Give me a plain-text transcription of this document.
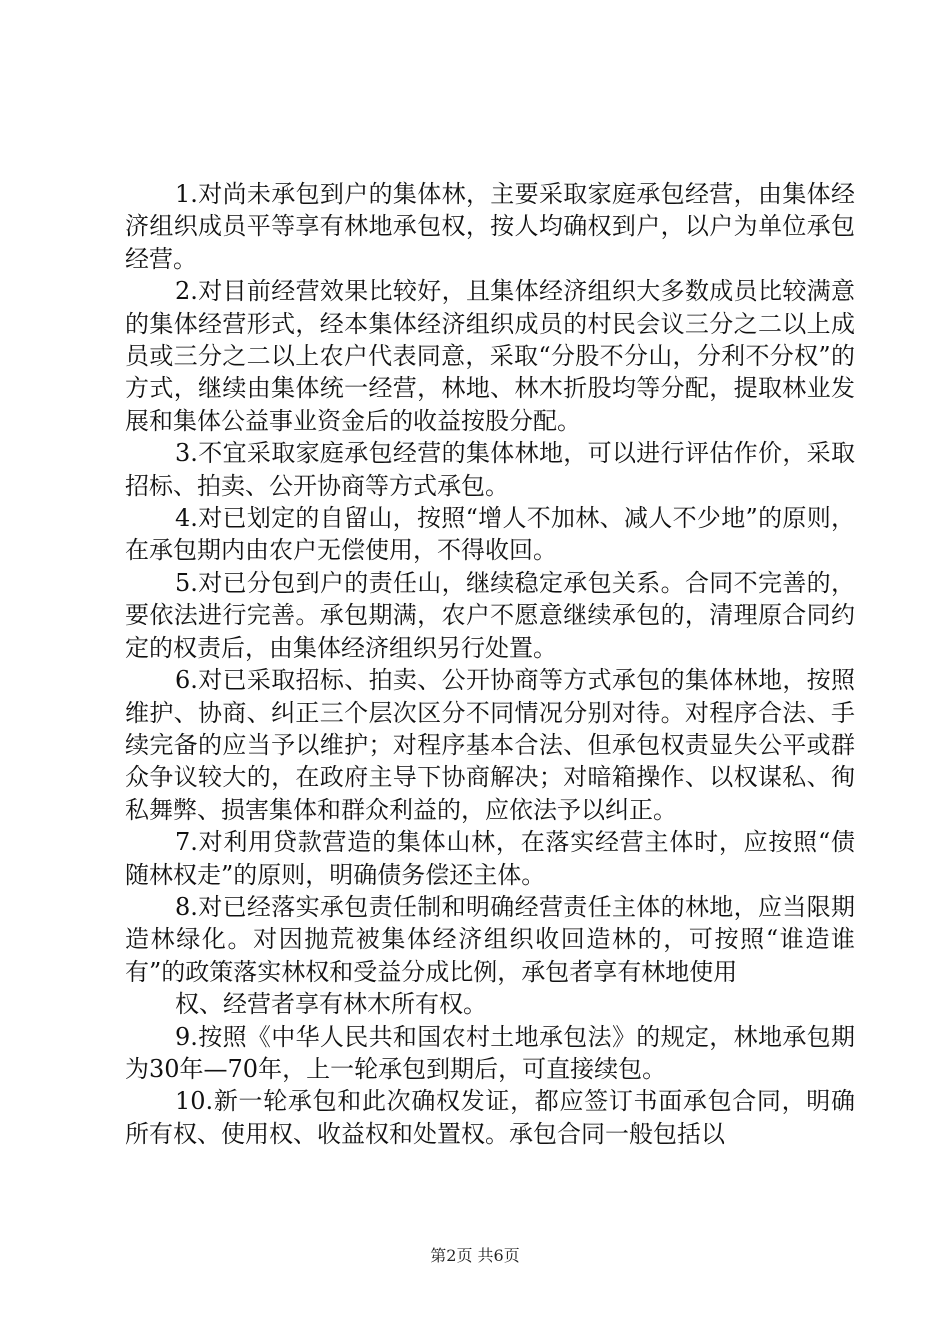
1.对尚未承包到户的集体林，主要采取家庭承包经营，由集体经济组织成员平等享有林地承包权，按人均确权到户，以户为单位承包经营。

2.对目前经营效果比较好，且集体经济组织大多数成员比较满意的集体经营形式，经本集体经济组织成员的村民会议三分之二以上成员或三分之二以上农户代表同意，采取“分股不分山，分利不分权”的方式，继续由集体统一经营，林地、林木折股均等分配，提取林业发展和集体公益事业资金后的收益按股分配。

3.不宜采取家庭承包经营的集体林地，可以进行评估作价，采取招标、拍卖、公开协商等方式承包。

4.对已划定的自留山，按照“增人不加林、减人不少地”的原则，在承包期内由农户无偿使用，不得收回。

5.对已分包到户的责任山，继续稳定承包关系。合同不完善的，要依法进行完善。承包期满，农户不愿意继续承包的，清理原合同约定的权责后，由集体经济组织另行处置。

6.对已采取招标、拍卖、公开协商等方式承包的集体林地，按照维护、协商、纠正三个层次区分不同情况分别对待。对程序合法、手续完备的应当予以维护；对程序基本合法、但承包权责显失公平或群众争议较大的，在政府主导下协商解决；对暗箱操作、以权谋私、徇私舞弊、损害集体和群众利益的，应依法予以纠正。

7.对利用贷款营造的集体山林，在落实经营主体时，应按照“债随林权走”的原则，明确债务偿还主体。

8.对已经落实承包责任制和明确经营责任主体的林地，应当限期造林绿化。对因抛荒被集体经济组织收回造林的，可按照“谁造谁有”的政策落实林权和受益分成比例，承包者享有林地使用

权、经营者享有林木所有权。

9.按照《中华人民共和国农村土地承包法》的规定，林地承包期为30年—70年，上一轮承包到期后，可直接续包。

10.新一轮承包和此次确权发证，都应签订书面承包合同，明确所有权、使用权、收益权和处置权。承包合同一般包括以

第2页 共6页
